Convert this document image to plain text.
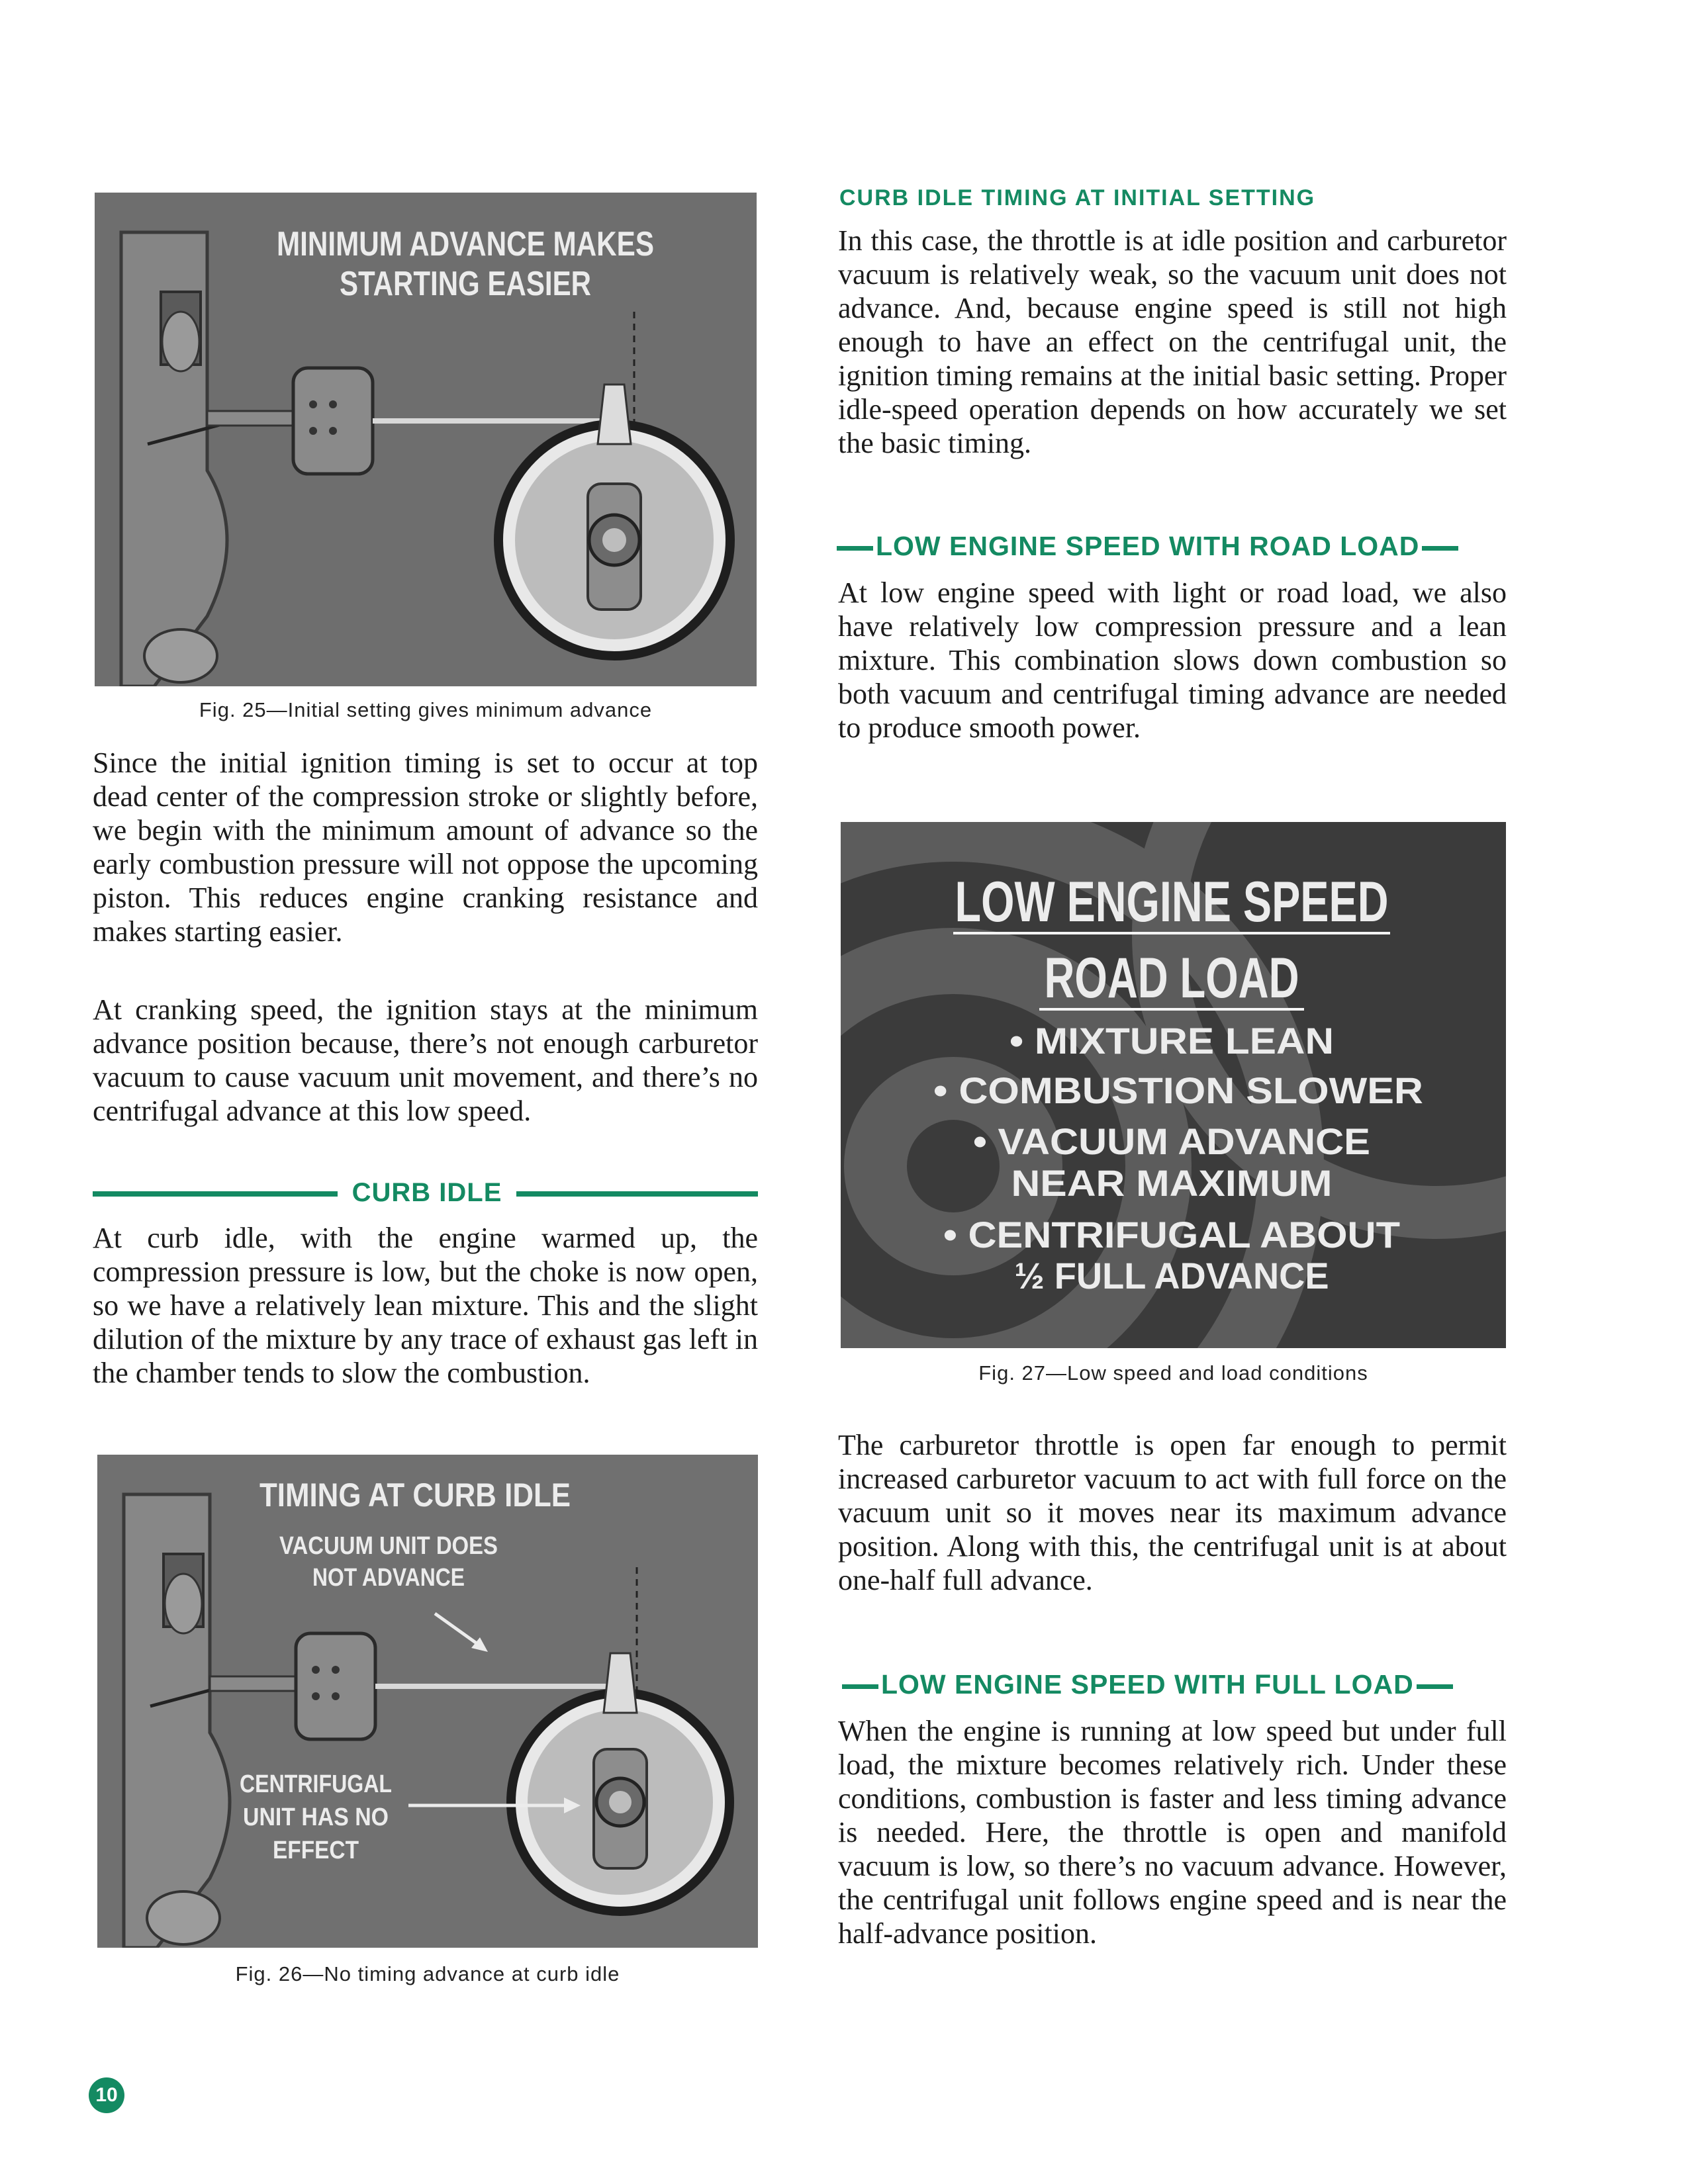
MINIMUM ADVANCE MAKES
STARTING EASIER
Fig. 25—Initial setting gives minimum advance

Since the initial ignition timing is set to occur at top dead center of the compression stroke or slightly before, we begin with the minimum amount of advance so the early combustion pressure will not oppose the upcoming piston. This reduces engine cranking resistance and makes starting easier.

At cranking speed, the ignition stays at the minimum advance position because, there’s not enough carburetor vacuum to cause vacuum unit movement, and there’s no centrifugal advance at this low speed.

CURB IDLE

At curb idle, with the engine warmed up, the compression pressure is low, but the choke is now open, so we have a relatively lean mixture. This and the slight dilution of the mixture by any trace of exhaust gas left in the chamber tends to slow the combustion.

TIMING AT CURB IDLE
VACUUM UNIT DOES
NOT ADVANCE
CENTRIFUGAL
UNIT HAS NO
EFFECT
Fig. 26—No timing advance at curb idle
CURB IDLE TIMING AT INITIAL SETTING

In this case, the throttle is at idle position and carburetor vacuum is relatively weak, so the vacuum unit does not advance. And, because engine speed is still not high enough to have an effect on the centrifugal unit, the ignition timing remains at the initial basic setting. Proper idle-speed operation depends on how accurately we set the basic timing.

LOW ENGINE SPEED WITH ROAD LOAD

At low engine speed with light or road load, we also have relatively low compression pressure and a lean mixture. This combination slows down combustion so both vacuum and centrifugal timing advance are needed to produce smooth power.

LOW ENGINE SPEED
ROAD LOAD
• MIXTURE LEAN
• COMBUSTION SLOWER
• VACUUM ADVANCE
NEAR MAXIMUM
• CENTRIFUGAL ABOUT
½ FULL ADVANCE
Fig. 27—Low speed and load conditions

The carburetor throttle is open far enough to permit increased carburetor vacuum to act with full force on the vacuum unit so it moves near its maximum advance position. Along with this, the centrifugal unit is at about one-half full advance.

LOW ENGINE SPEED WITH FULL LOAD

When the engine is running at low speed but under full load, the mixture becomes relatively rich. Under these conditions, combustion is faster and less timing advance is needed. Here, the throttle is open and manifold vacuum is low, so there’s no vacuum advance. However, the centrifugal unit follows engine speed and is near the half-advance position.

10
